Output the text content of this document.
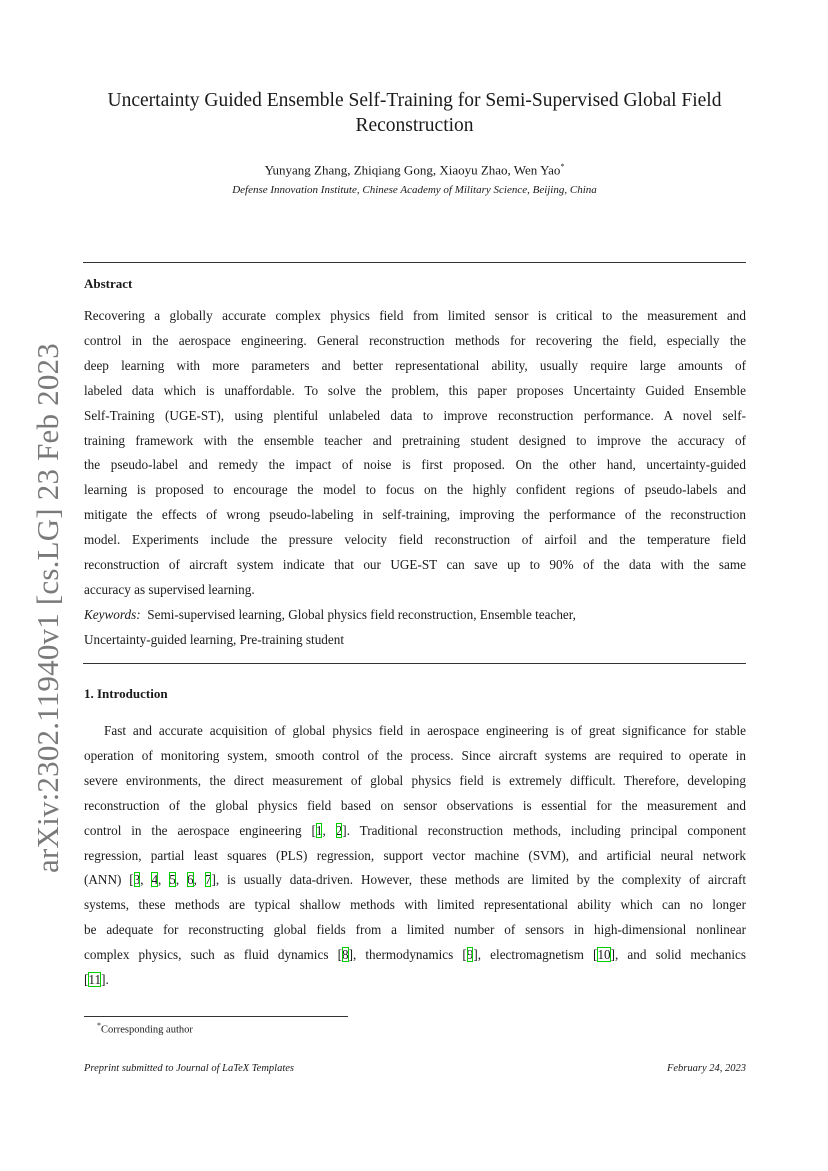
arXiv:2302.11940v1 [cs.LG] 23 Feb 2023
Uncertainty Guided Ensemble Self-Training for Semi-Supervised Global Field
Reconstruction
Yunyang Zhang, Zhiqiang Gong, Xiaoyu Zhao, Wen Yao*
Defense Innovation Institute, Chinese Academy of Military Science, Beijing, China
Abstract
Recovering a globally accurate complex physics field from limited sensor is critical to the measurement and
control in the aerospace engineering. General reconstruction methods for recovering the field, especially the
deep learning with more parameters and better representational ability, usually require large amounts of
labeled data which is unaffordable. To solve the problem, this paper proposes Uncertainty Guided Ensemble
Self-Training (UGE-ST), using plentiful unlabeled data to improve reconstruction performance. A novel self-
training framework with the ensemble teacher and pretraining student designed to improve the accuracy of
the pseudo-label and remedy the impact of noise is first proposed. On the other hand, uncertainty-guided
learning is proposed to encourage the model to focus on the highly confident regions of pseudo-labels and
mitigate the effects of wrong pseudo-labeling in self-training, improving the performance of the reconstruction
model. Experiments include the pressure velocity field reconstruction of airfoil and the temperature field
reconstruction of aircraft system indicate that our UGE-ST can save up to 90% of the data with the same
accuracy as supervised learning.
Keywords: Semi-supervised learning, Global physics field reconstruction, Ensemble teacher,
Uncertainty-guided learning, Pre-training student
1. Introduction
Fast and accurate acquisition of global physics field in aerospace engineering is of great significance for stable
operation of monitoring system, smooth control of the process. Since aircraft systems are required to operate in
severe environments, the direct measurement of global physics field is extremely difficult. Therefore, developing
reconstruction of the global physics field based on sensor observations is essential for the measurement and
control in the aerospace engineering [1, 2]. Traditional reconstruction methods, including principal component
regression, partial least squares (PLS) regression, support vector machine (SVM), and artificial neural network
(ANN) [3, 4, 5, 6, 7], is usually data-driven. However, these methods are limited by the complexity of aircraft
systems, these methods are typical shallow methods with limited representational ability which can no longer
be adequate for reconstructing global fields from a limited number of sensors in high-dimensional nonlinear
complex physics, such as fluid dynamics [8], thermodynamics [9], electromagnetism [10], and solid mechanics
[11].
*Corresponding author
Preprint submitted to Journal of LaTeX Templates	February 24, 2023
